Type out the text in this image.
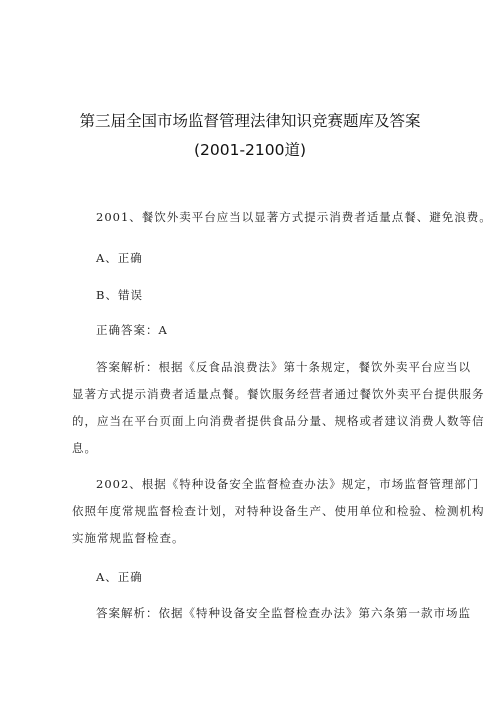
第三届全国市场监督管理法律知识竞赛题库及答案
(2001-2100道)
2001、餐饮外卖平台应当以显著方式提示消费者适量点餐、避免浪费。
A、正确
B、错误
正确答案：A
答案解析：根据《反食品浪费法》第十条规定，餐饮外卖平台应当以
显著方式提示消费者适量点餐。餐饮服务经营者通过餐饮外卖平台提供服务
的，应当在平台页面上向消费者提供食品分量、规格或者建议消费人数等信
息。
2002、根据《特种设备安全监督检查办法》规定，市场监督管理部门
依照年度常规监督检查计划，对特种设备生产、使用单位和检验、检测机构
实施常规监督检查。
A、正确
答案解析：依据《特种设备安全监督检查办法》第六条第一款市场监
